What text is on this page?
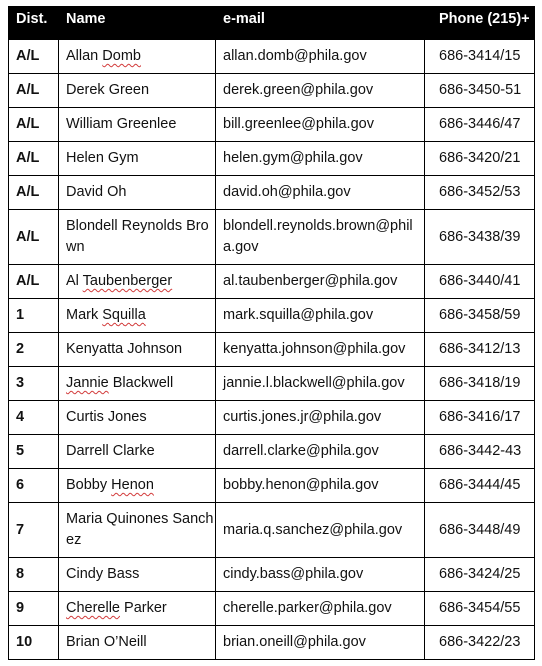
Dist.	Name	e-mail	Phone (215)+
A/L	Allan Domb	allan.domb@phila.gov	686-3414/15
A/L	Derek Green	derek.green@phila.gov	686-3450-51
A/L	William Greenlee	bill.greenlee@phila.gov	686-3446/47
A/L	Helen Gym	helen.gym@phila.gov	686-3420/21
A/L	David Oh	david.oh@phila.gov	686-3452/53
A/L	Blondell Reynolds Brown	blondell.reynolds.brown@phila.gov	686-3438/39
A/L	Al Taubenberger	al.taubenberger@phila.gov	686-3440/41
1	Mark Squilla	mark.squilla@phila.gov	686-3458/59
2	Kenyatta Johnson	kenyatta.johnson@phila.gov	686-3412/13
3	Jannie Blackwell	jannie.l.blackwell@phila.gov	686-3418/19
4	Curtis Jones	curtis.jones.jr@phila.gov	686-3416/17
5	Darrell Clarke	darrell.clarke@phila.gov	686-3442-43
6	Bobby Henon	bobby.henon@phila.gov	686-3444/45
7	Maria Quinones Sanchez	maria.q.sanchez@phila.gov	686-3448/49
8	Cindy Bass	cindy.bass@phila.gov	686-3424/25
9	Cherelle Parker	cherelle.parker@phila.gov	686-3454/55
10	Brian O’Neill	brian.oneill@phila.gov	686-3422/23
